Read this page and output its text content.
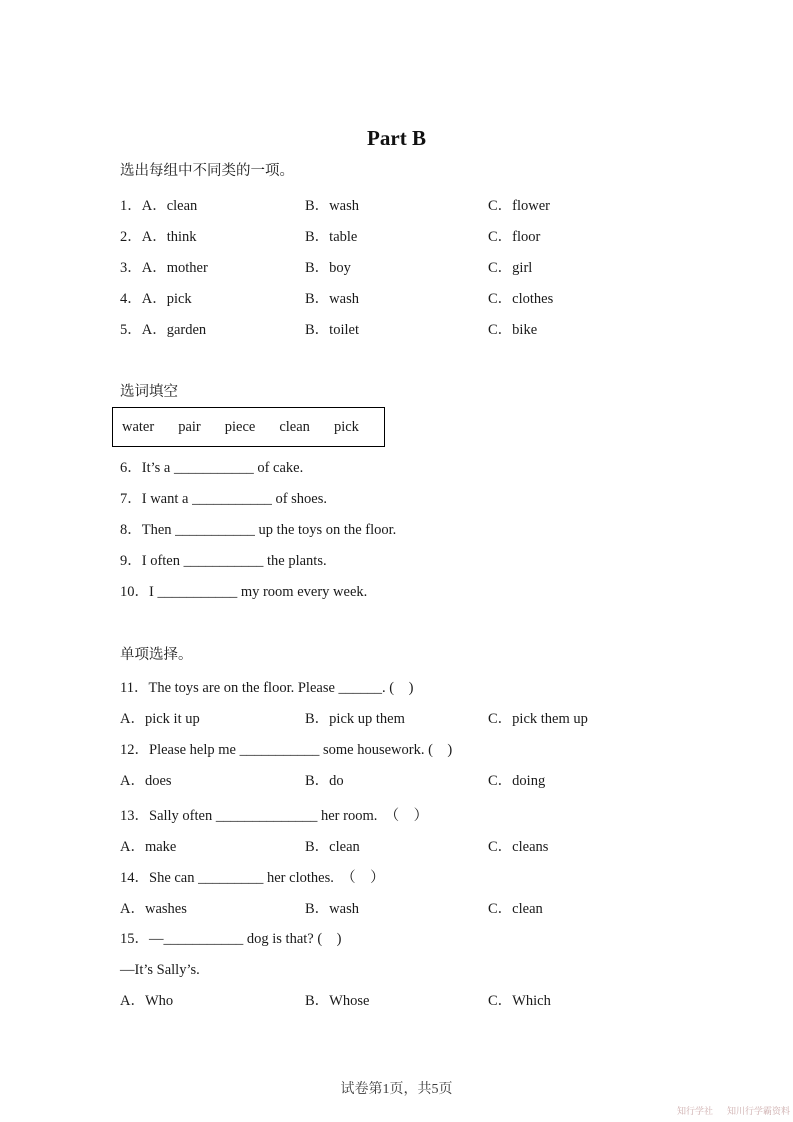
Part B
选出每组中不同类的一项。
1．A．clean	B．wash	C．flower
2．A．think	B．table	C．floor
3．A．mother	B．boy	C．girl
4．A．pick	B．wash	C．clothes
5．A．garden	B．toilet	C．bike
选词填空
water pair piece clean pick
6．It’s a ___________ of cake.
7．I want a ___________ of shoes.
8．Then ___________ up the toys on the floor.
9．I often ___________ the plants.
10．I ___________ my room every week.
单项选择。
11．The toys are on the floor. Please ______. (　)
A．pick it up	B．pick up them	C．pick them up
12．Please help me ___________ some housework. (　)
A．does	B．do	C．doing
13．Sally often ______________ her room.　（　）
A．make	B．clean	C．cleans
14．She can _________ her clothes.　（　）
A．washes	B．wash	C．clean
15．—___________ dog is that? (　)
—It’s Sally’s.
A．Who	B．Whose	C．Which
试卷第1页，共5页
知行学社 知川行学霸资料
